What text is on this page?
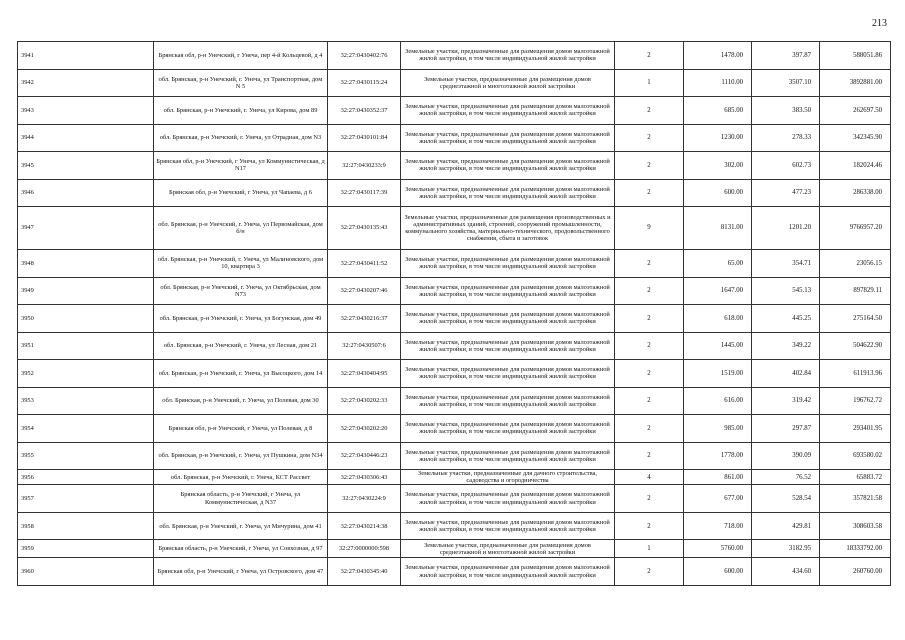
213
3941	Брянская обл, р-н Унечский, г Унеча, пер 4-й Кольцевой, д 4	32:27:0430402:76	Земельные участки, предназначенные для размещения домов малоэтажной жилой застройки, в том числе индивидуальной жилой застройки	2	1478.00	397.87	588051.86
3942	обл. Брянская, р-н Унечский, г. Унеча, ул Транспортная, дом N 5	32:27:0430115:24	Земельные участки, предназначенные для размещения домов среднеэтажной и многоэтажной жилой застройки	1	1110.00	3507.10	3892881.00
3943	обл. Брянская, р-н Унечский, г. Унеча, ул Кирова, дом 89	32:27:0430352:37	Земельные участки, предназначенные для размещения домов малоэтажной жилой застройки, в том числе индивидуальной жилой застройки	2	685.00	383.50	262697.50
3944	обл. Брянская, р-н Унечский, г. Унеча, ул Отрадная, дом N3	32:27:0430101:84	Земельные участки, предназначенные для размещения домов малоэтажной жилой застройки, в том числе индивидуальной жилой застройки	2	1230.00	278.33	342345.90
3945	Брянская обл, р-н Унечский, г Унеча, ул Коммунистическая, д N17	32:27:0430233:9	Земельные участки, предназначенные для размещения домов малоэтажной жилой застройки, в том числе индивидуальной жилой застройки	2	302.00	602.73	182024.46
3946	Брянская обл, р-н Унечский, г Унеча, ул Чапаева, д 6	32:27:0430117:39	Земельные участки, предназначенные для размещения домов малоэтажной жилой застройки, в том числе индивидуальной жилой застройки	2	600.00	477.23	286338.00
3947	обл. Брянская, р-н Унечский, г. Унеча, ул Первомайская, дом б/н	32:27:0430135:43	Земельные участки, предназначенные для размещения производственных и административных зданий, строений, сооружений промышленности, коммунального хозяйства, материально-технического, продовольственного снабжения, сбыта и заготовок	9	8131.00	1201.20	9766957.20
3948	обл. Брянская, р-н Унечский, г. Унеча, ул Малиновского, дом 10, квартира 3	32:27:0430411:52	Земельные участки, предназначенные для размещения домов малоэтажной жилой застройки, в том числе индивидуальной жилой застройки	2	65.00	354.71	23056.15
3949	обл. Брянская, р-н Унечский, г. Унеча, ул Октябрьская, дом N73	32:27:0430207:46	Земельные участки, предназначенные для размещения домов малоэтажной жилой застройки, в том числе индивидуальной жилой застройки	2	1647.00	545.13	897829.11
3950	обл. Брянская, р-н Унечский, г. Унеча, ул Богунская, дом 49	32:27:0430216:37	Земельные участки, предназначенные для размещения домов малоэтажной жилой застройки, в том числе индивидуальной жилой застройки	2	618.00	445.25	275164.50
3951	обл. Брянская, р-н Унечский, г. Унеча, ул Лесная, дом 21	32:27:0430507:6	Земельные участки, предназначенные для размещения домов малоэтажной жилой застройки, в том числе индивидуальной жилой застройки	2	1445.00	349.22	504622.90
3952	обл. Брянская, р-н Унечский, г. Унеча, ул Высоцкого, дом 14	32:27:0430404:95	Земельные участки, предназначенные для размещения домов малоэтажной жилой застройки, в том числе индивидуальной жилой застройки	2	1519.00	402.84	611913.96
3953	обл. Брянская, р-н Унечский, г. Унеча, ул Полевая, дом 30	32:27:0430202:33	Земельные участки, предназначенные для размещения домов малоэтажной жилой застройки, в том числе индивидуальной жилой застройки	2	616.00	319.42	196762.72
3954	Брянская обл, р-н Унечский, г Унеча, ул Полевая, д 8	32:27:0430202:20	Земельные участки, предназначенные для размещения домов малоэтажной жилой застройки, в том числе индивидуальной жилой застройки	2	985.00	297.87	293401.95
3955	обл. Брянская, р-н Унечский, г. Унеча, ул Пушкина, дом N34	32:27:0430446:23	Земельные участки, предназначенные для размещения домов малоэтажной жилой застройки, в том числе индивидуальной жилой застройки	2	1778.00	390.09	693580.02
3956	обл. Брянская, р-н Унечский, г. Унеча, КСТ Рассвет	32:27:0430306:43	Земельные участки, предназначенные для дачного строительства, садоводства и огородничества	4	861.00	76.52	65883.72
3957	Брянская область, р-н Унечский, г Унеча, ул Коммунистическая, д N37	32:27:0430224:9	Земельные участки, предназначенные для размещения домов малоэтажной жилой застройки, в том числе индивидуальной жилой застройки	2	677.00	528.54	357821.58
3958	обл. Брянская, р-н Унечский, г. Унеча, ул Мичурина, дом 41	32:27:0430214:38	Земельные участки, предназначенные для размещения домов малоэтажной жилой застройки, в том числе индивидуальной жилой застройки	2	718.00	429.81	308603.58
3959	Брянская область, р-н Унечский, г Унеча, ул Совхозная, д 97	32:27:0000000:598	Земельные участки, предназначенные для размещения домов среднеэтажной и многоэтажной жилой застройки	1	5760.00	3182.95	18333792.00
3960	Брянская обл, р-н Унечский, г Унеча, ул Островского, дом 47	32:27:0430345:40	Земельные участки, предназначенные для размещения домов малоэтажной жилой застройки, в том числе индивидуальной жилой застройки	2	600.00	434.60	260760.00
